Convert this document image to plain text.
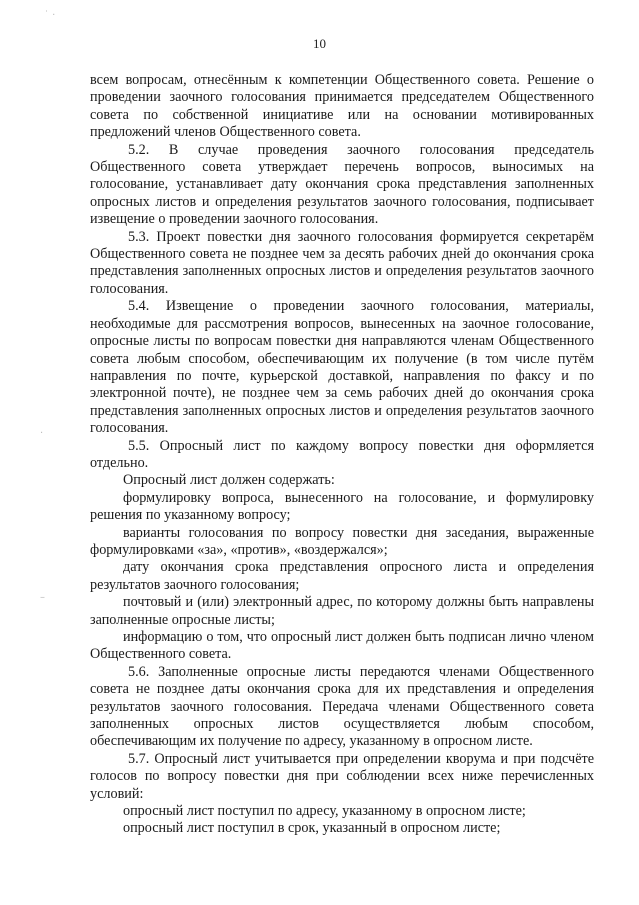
˙ ·
·
–
10

всем вопросам, отнесённым к компетенции Общественного совета. Решение о проведении заочного голосования принимается председателем Общественного совета по собственной инициативе или на основании мотивированных предложений членов Общественного совета.

5.2. В случае проведения заочного голосования председатель Общественного совета утверждает перечень вопросов, выносимых на голосование, устанавливает дату окончания срока представления заполненных опросных листов и определения результатов заочного голосования, подписывает извещение о проведении заочного голосования.

5.3. Проект повестки дня заочного голосования формируется секретарём Общественного совета не позднее чем за десять рабочих дней до окончания срока представления заполненных опросных листов и определения результатов заочного голосования.

5.4. Извещение о проведении заочного голосования, материалы, необходимые для рассмотрения вопросов, вынесенных на заочное голосование, опросные листы по вопросам повестки дня направляются членам Общественного совета любым способом, обеспечивающим их получение (в том числе путём направления по почте, курьерской доставкой, направления по факсу и по электронной почте), не позднее чем за семь рабочих дней до окончания срока представления заполненных опросных листов и определения результатов заочного голосования.

5.5. Опросный лист по каждому вопросу повестки дня оформляется отдельно.

Опросный лист должен содержать:

формулировку вопроса, вынесенного на голосование, и формулировку решения по указанному вопросу;

варианты голосования по вопросу повестки дня заседания, выраженные формулировками «за», «против», «воздержался»;

дату окончания срока представления опросного листа и определения результатов заочного голосования;

почтовый и (или) электронный адрес, по которому должны быть направлены заполненные опросные листы;

информацию о том, что опросный лист должен быть подписан лично членом Общественного совета.

5.6. Заполненные опросные листы передаются членами Общественного совета не позднее даты окончания срока для их представления и определения результатов заочного голосования. Передача членами Общественного совета заполненных опросных листов осуществляется любым способом, обеспечивающим их получение по адресу, указанному в опросном листе.

5.7. Опросный лист учитывается при определении кворума и при подсчёте голосов по вопросу повестки дня при соблюдении всех ниже перечисленных условий:

опросный лист поступил по адресу, указанному в опросном листе;

опросный лист поступил в срок, указанный в опросном листе;
